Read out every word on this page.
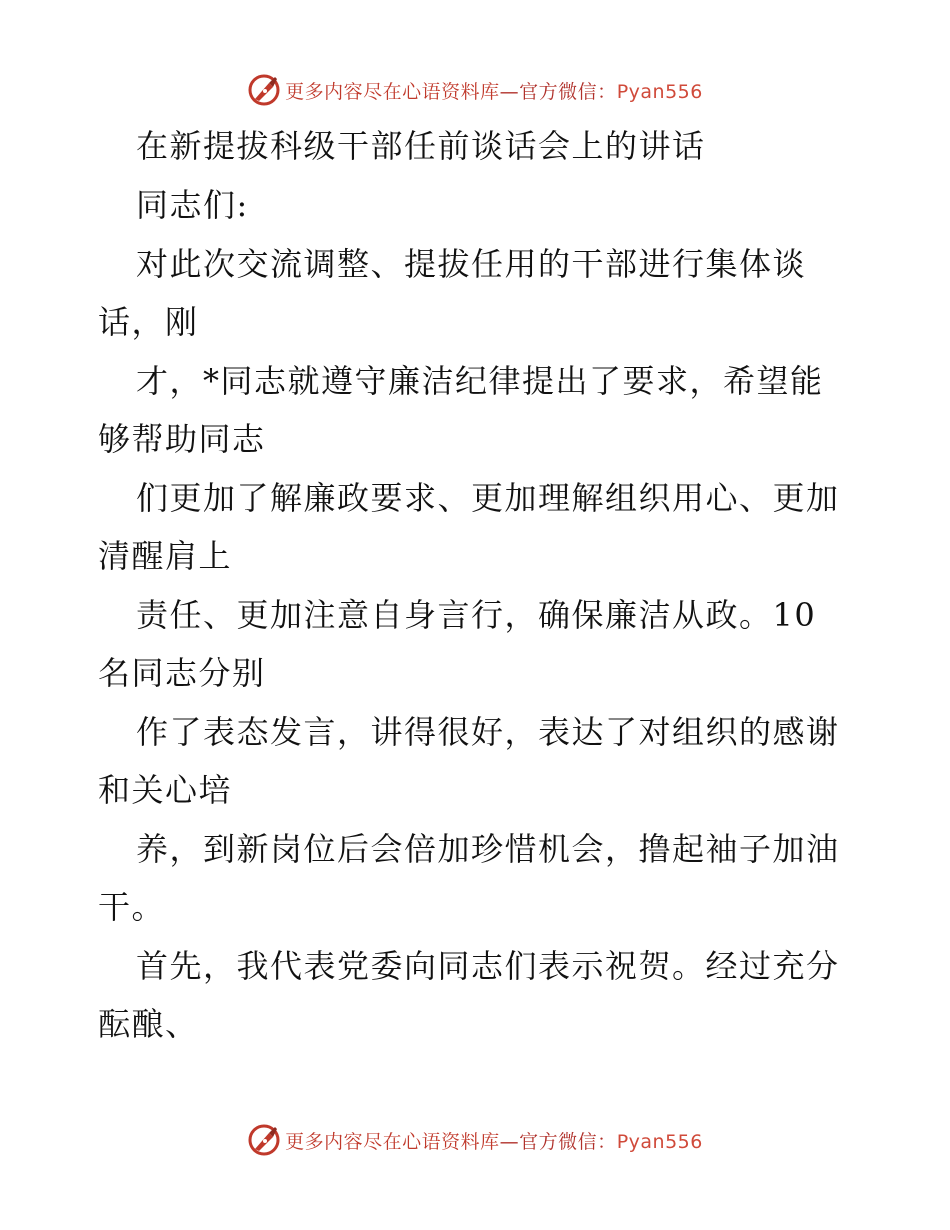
更多内容尽在心语资料库—官方微信：Pyan556
在新提拔科级干部任前谈话会上的讲话
同志们:
对此次交流调整、提拔任用的干部进行集体谈
话，刚
才，*同志就遵守廉洁纪律提出了要求，希望能
够帮助同志
们更加了解廉政要求、更加理解组织用心、更加
清醒肩上
责任、更加注意自身言行，确保廉洁从政。10
名同志分别
作了表态发言，讲得很好，表达了对组织的感谢
和关心培
养，到新岗位后会倍加珍惜机会，撸起袖子加油
干。
首先，我代表党委向同志们表示祝贺。经过充分
酝酿、
更多内容尽在心语资料库—官方微信：Pyan556
